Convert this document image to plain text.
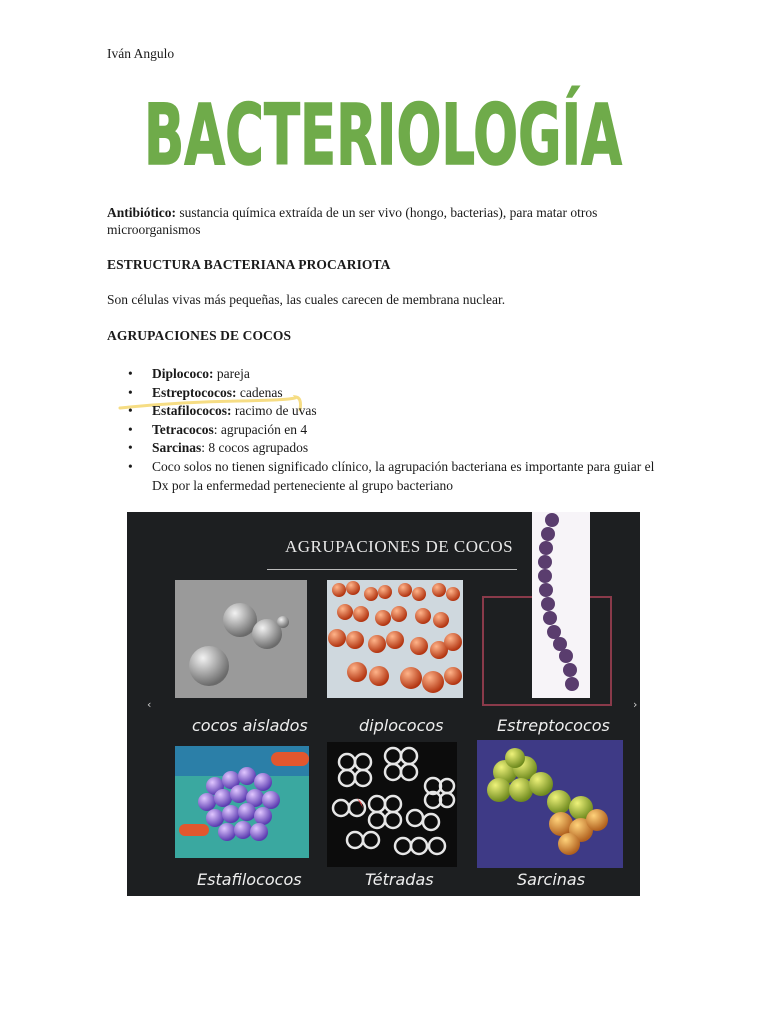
Iván Angulo
BACTERIOLOGÍA
Antibiótico: sustancia química extraída de un ser vivo (hongo, bacterias), para matar otros microorganismos
ESTRUCTURA BACTERIANA PROCARIOTA
Son células vivas más pequeñas, las cuales carecen de membrana nuclear.
AGRUPACIONES DE COCOS
• Diplococo: pareja
• Estreptococos: cadenas
• Estafilococos: racimo de uvas
• Tetracocos: agrupación en 4
• Sarcinas: 8 cocos agrupados
• Coco solos no tienen significado clínico, la agrupación bacteriana es importante para guiar el Dx por la enfermedad perteneciente al grupo bacteriano
AGRUPACIONES DE COCOS
cocos aislados	diplococos	Estreptococos
Estafilococos	Tétradas	Sarcinas
‹	›
